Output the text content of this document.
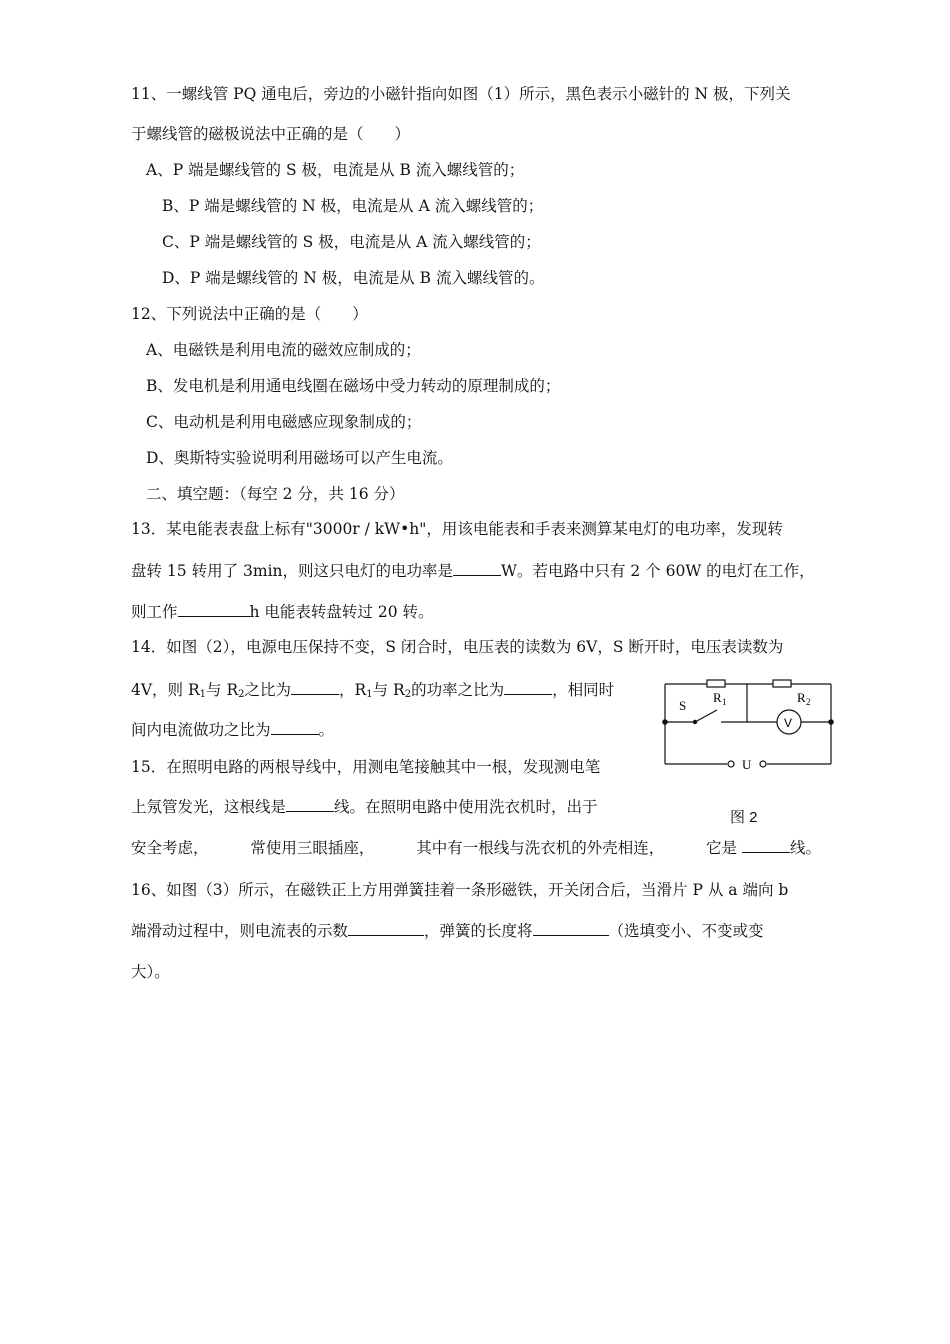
11、一螺线管 PQ 通电后，旁边的小磁针指向如图（1）所示，黑色表示小磁针的 N 极，下列关
于螺线管的磁极说法中正确的是（　　）
A、P 端是螺线管的 S 极，电流是从 B 流入螺线管的；
B、P 端是螺线管的 N 极，电流是从 A 流入螺线管的；
C、P 端是螺线管的 S 极，电流是从 A 流入螺线管的；
D、P 端是螺线管的 N 极，电流是从 B 流入螺线管的。
12、下列说法中正确的是（　　）
A、电磁铁是利用电流的磁效应制成的；
B、发电机是利用通电线圈在磁场中受力转动的原理制成的；
C、电动机是利用电磁感应现象制成的；
D、奥斯特实验说明利用磁场可以产生电流。
二、填空题：（每空 2 分，共 16 分）
13．某电能表表盘上标有"3000r / kW•h"，用该电能表和手表来测算某电灯的电功率，发现转
盘转 15 转用了 3min，则这只电灯的电功率是	W。若电路中只有 2 个 60W 的电灯在工作，
则工作	h 电能表转盘转过 20 转。
14．如图（2），电源电压保持不变，S 闭合时，电压表的读数为 6V，S 断开时，电压表读数为
4V，则 $R_1$与 $R_2$之比为	，$R_1$与 $R_2$的功率之比为	，相同时
间内电流做功之比为	。
S
R 1	R 2
V
U
图 2
15．在照明电路的两根导线中，用测电笔接触其中一根，发现测电笔
上氖管发光，这根线是	线。在照明电路中使用洗衣机时，出于
安全考虑，	常使用三眼插座，	其中有一根线与洗衣机的外壳相连，	它是	线。
16、如图（3）所示，在磁铁正上方用弹簧挂着一条形磁铁，开关闭合后，当滑片 P 从 a 端向 b
端滑动过程中，则电流表的示数	，弹簧的长度将	（选填变小、不变或变
大）。
